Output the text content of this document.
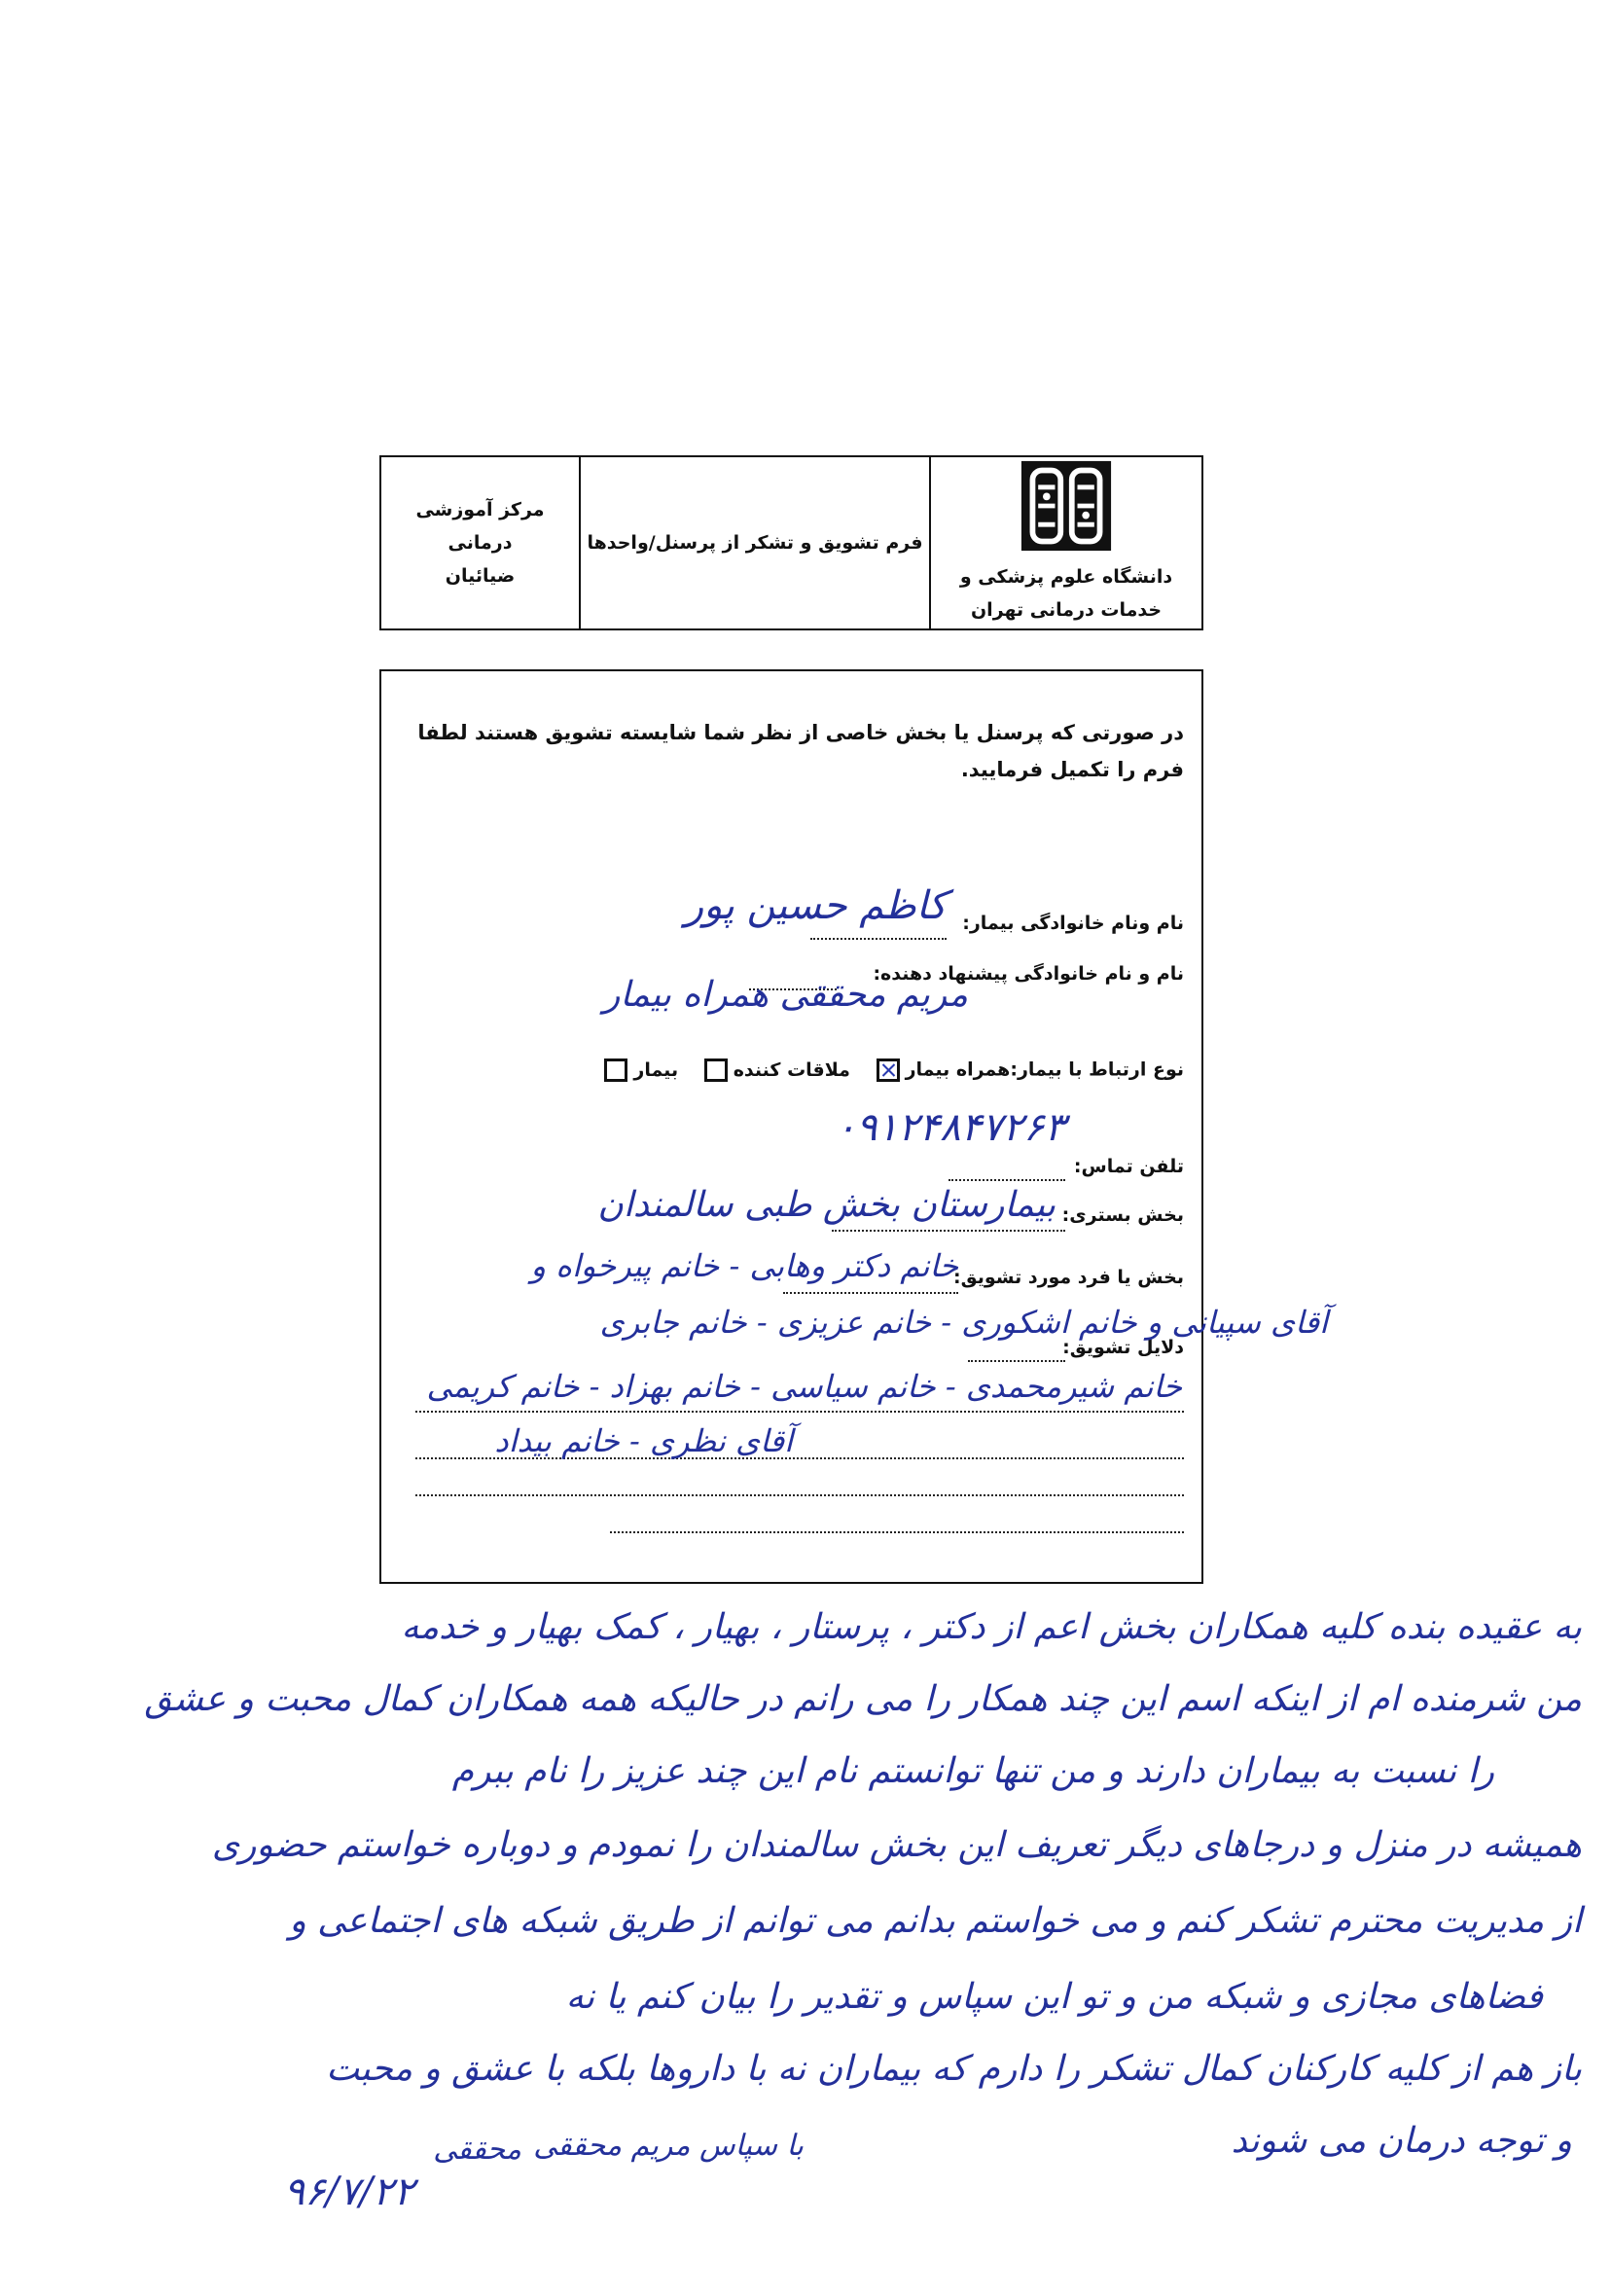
مرکز آموزشی درمانی
ضیائیان
فرم تشویق و تشکر از پرسنل/واحدها
دانشگاه علوم پزشکی و
خدمات درمانی تهران
در صورتی که پرسنل یا بخش خاصی از نظر شما شایسته تشویق هستند لطفا فرم را تکمیل فرمایید.
نام ونام خانوادگی بیمار:
کاظم حسین پور
نام و نام خانوادگی پیشنهاد دهنده:
مریم محققی همراه بیمار
نوع ارتباط با بیمار:همراه بیمار ملاقات کننده بیمار
تلفن تماس:
۰۹۱۲۴۸۴۷۲۶۳
بخش بستری:
بیمارستان بخش طبی سالمندان
بخش یا فرد مورد تشویق:
خانم دکتر وهابی - خانم پیرخواه و
دلایل تشویق:
آقای سپیانی و خانم اشکوری - خانم عزیزی - خانم جابری
خانم شیرمحمدی - خانم سیاسی - خانم بهزاد - خانم کریمی
آقای نظری - خانم بیداد
به عقیده بنده کلیه همکاران بخش اعم از دکتر ، پرستار ، بهیار ، کمک بهیار و خدمه
من شرمنده ام از اینکه اسم این چند همکار را می رانم در حالیکه همه همکاران کمال محبت و عشق
را نسبت به بیماران دارند و من تنها توانستم نام این چند عزیز را نام ببرم
همیشه در منزل و درجاهای دیگر تعریف این بخش سالمندان را نمودم و دوباره خواستم حضوری
از مدیریت محترم تشکر کنم و می خواستم بدانم می توانم از طریق شبکه های اجتماعی و
فضاهای مجازی و شبکه من و تو این سپاس و تقدیر را بیان کنم یا نه
باز هم از کلیه کارکنان کمال تشکر را دارم که بیماران نه با داروها بلکه با عشق و محبت
و توجه درمان می شوند
با سپاس مریم محققی
محققی
۹۶/۷/۲۲
